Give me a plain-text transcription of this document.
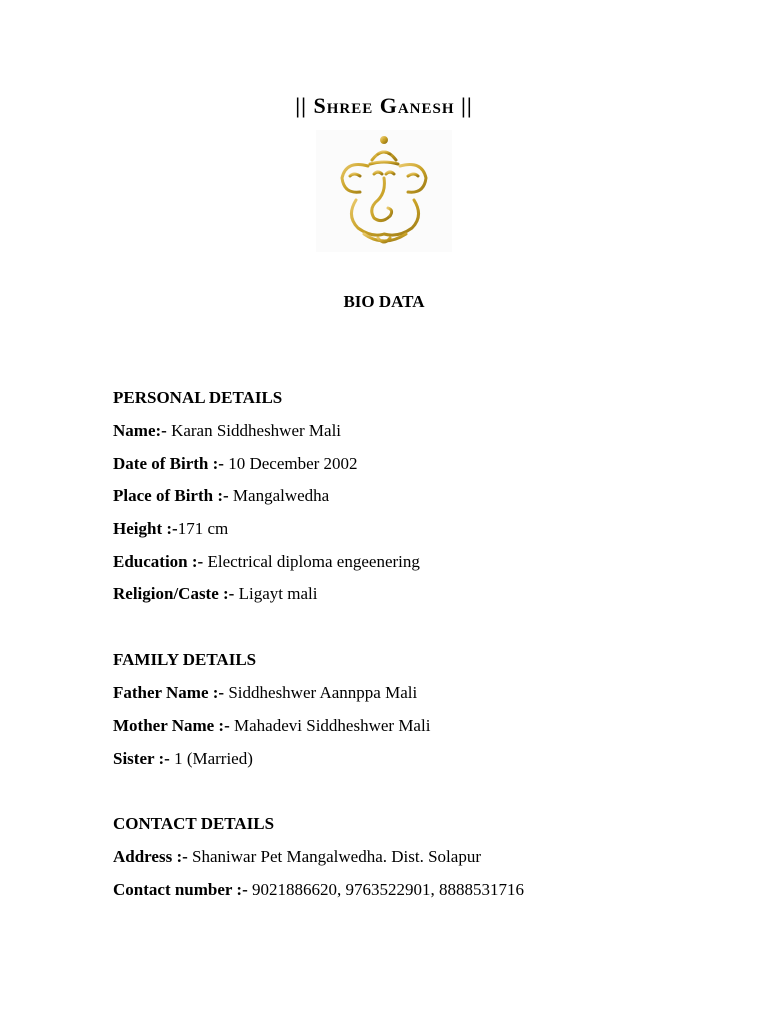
|| Shree Ganesh ||
BIO DATA
PERSONAL DETAILS
Name:- Karan Siddheshwer Mali
Date of Birth :- 10 December 2002
Place of Birth :- Mangalwedha
Height :-171 cm
Education :- Electrical diploma engeenering
Religion/Caste :- Ligayt mali
FAMILY DETAILS
Father Name :- Siddheshwer Aannppa Mali
Mother Name :- Mahadevi Siddheshwer Mali
Sister :- 1 (Married)
CONTACT DETAILS
Address :- Shaniwar Pet Mangalwedha. Dist. Solapur
Contact number :- 9021886620, 9763522901, 8888531716
